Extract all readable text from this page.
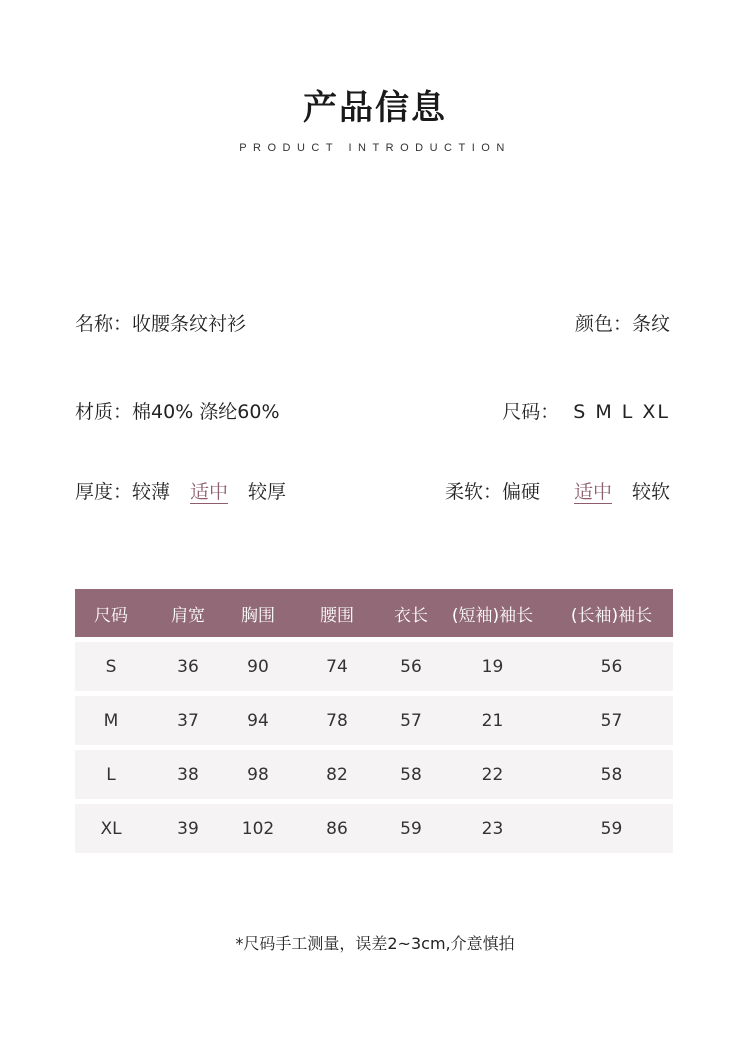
产品信息
PRODUCT INTRODUCTION
名称：收腰条纹衬衫	颜色：条纹
材质：棉40% 涤纶60%	尺码： S M L XL
厚度：较薄 适中 较厚	柔软：偏硬 适中 较软
尺码	肩宽	胸围	腰围	衣长	(短袖)袖长	(长袖)袖长
S	36	90	74	56	19	56
M	37	94	78	57	21	57
L	38	98	82	58	22	58
XL	39	102	86	59	23	59
*尺码手工测量，误差2~3cm,介意慎拍
